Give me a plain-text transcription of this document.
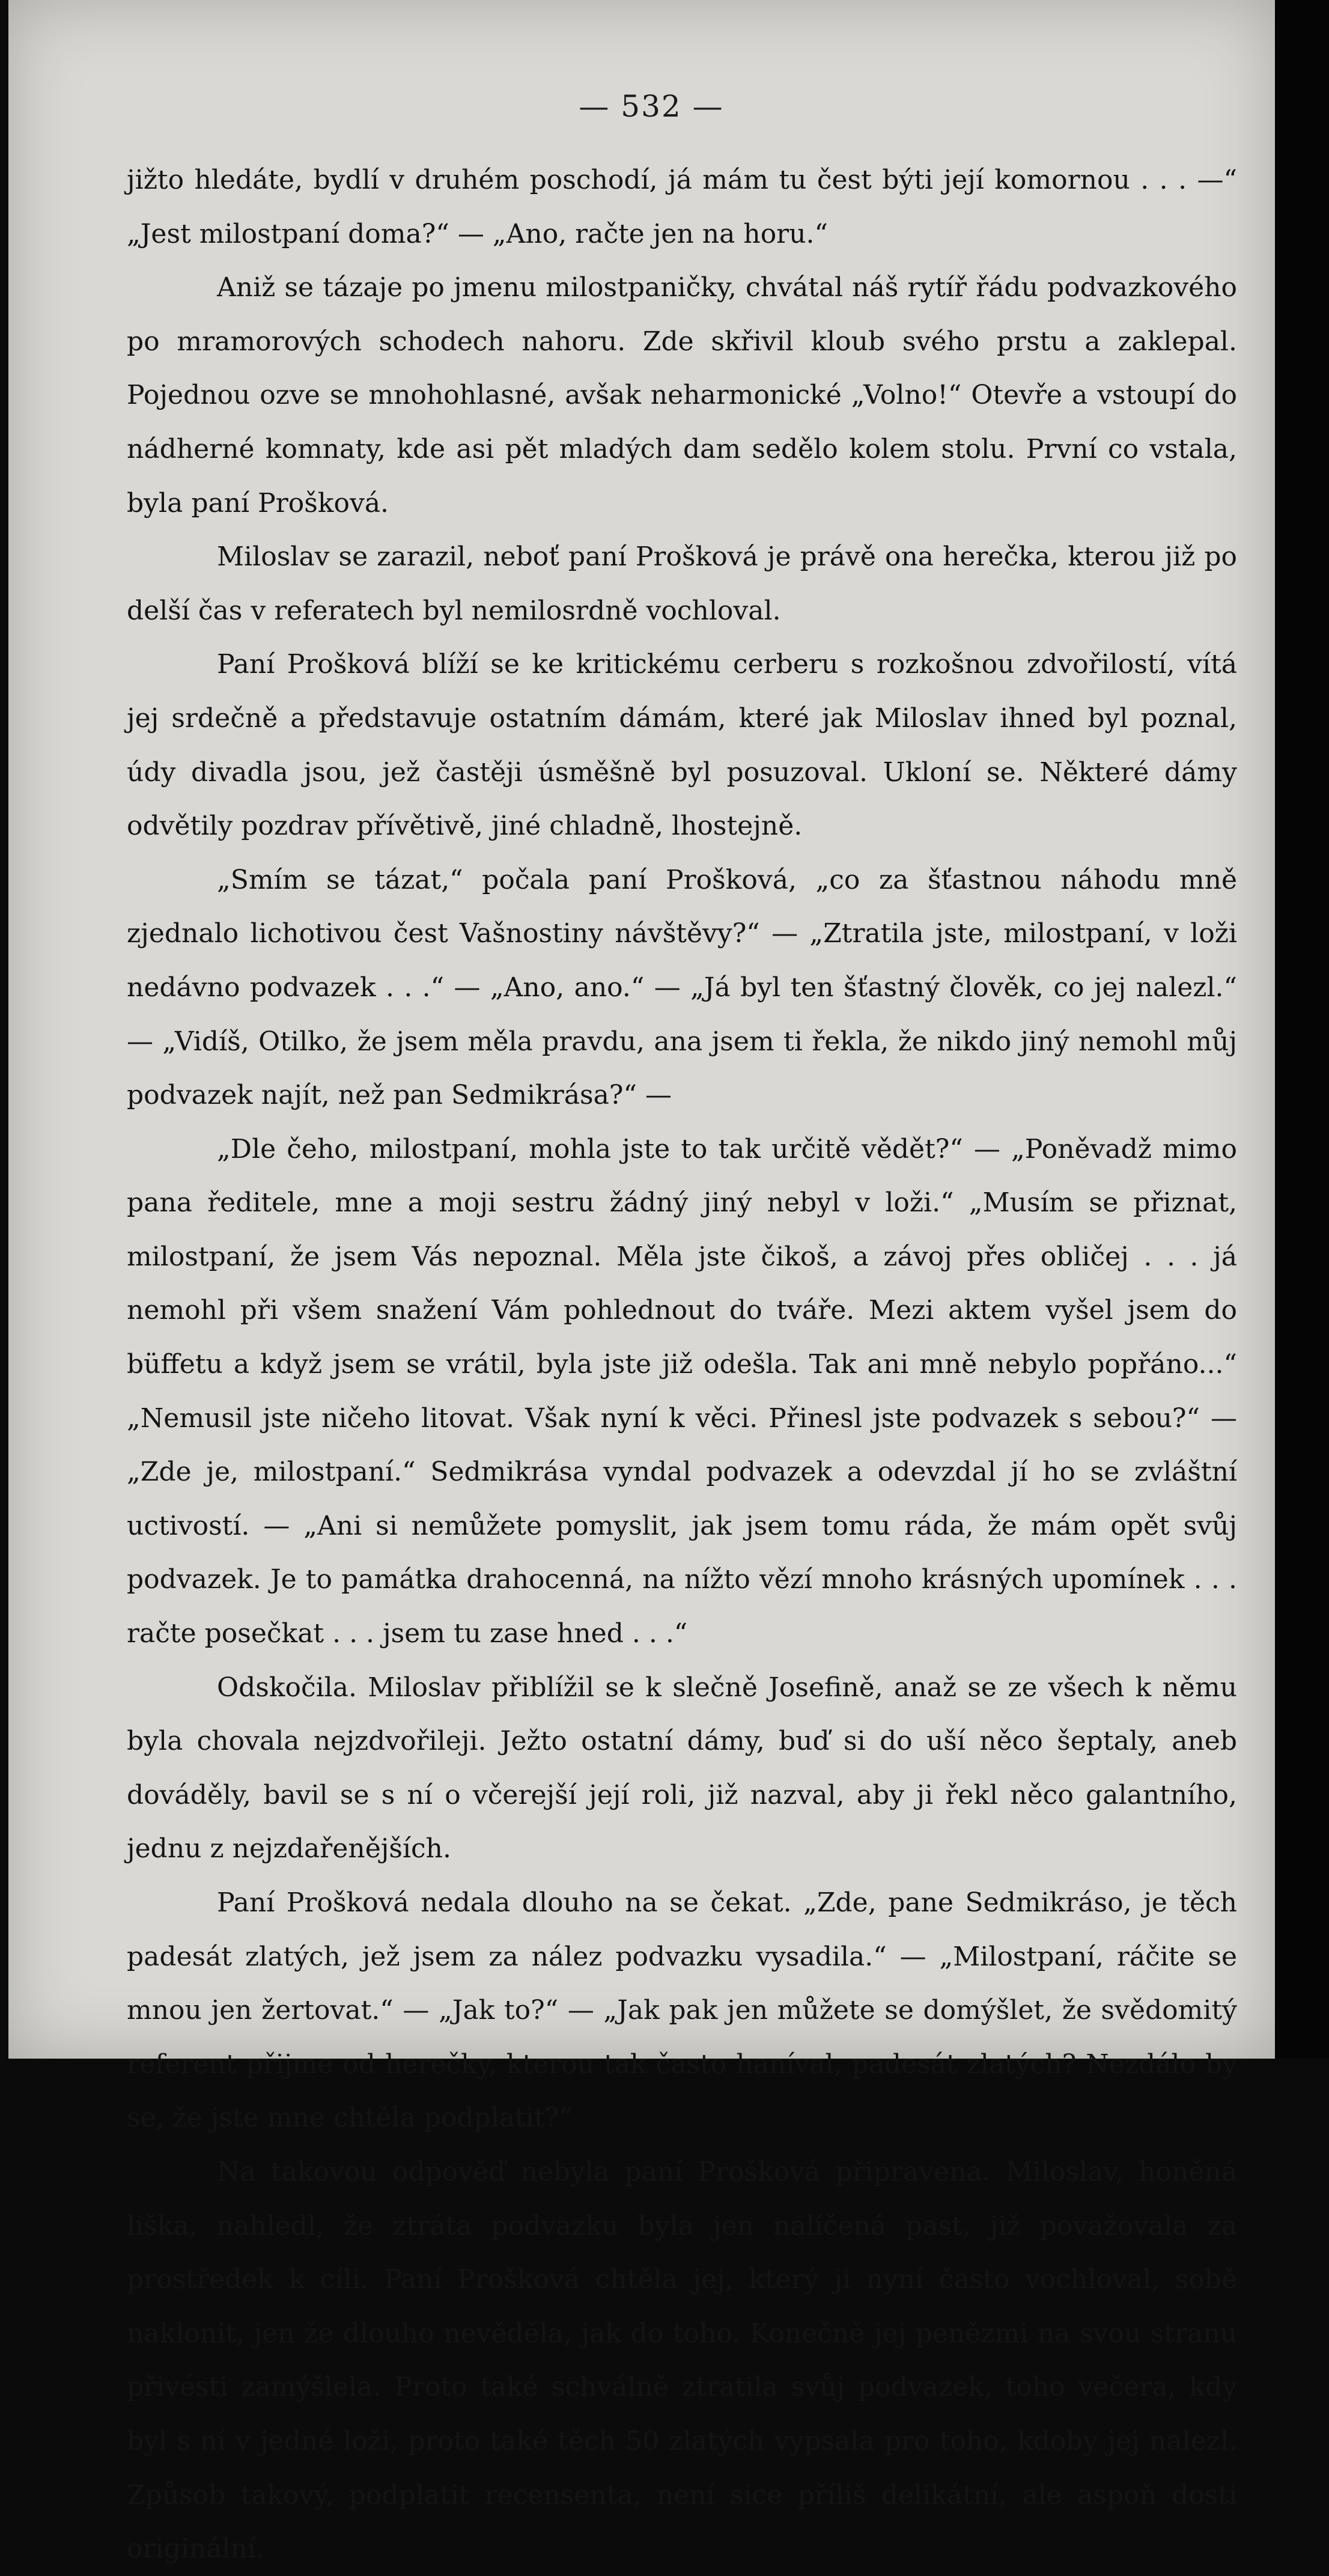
— 532 —

jižto hledáte, bydlí v druhém poschodí, já mám tu čest býti její komornou . . . —“ „Jest milostpaní doma?“ — „Ano, račte jen na horu.“

Aniž se tázaje po jmenu milostpaničky, chvátal náš rytíř řádu podvazkového po mramorových schodech nahoru. Zde skřivil kloub svého prstu a zaklepal. Pojednou ozve se mnohohlasné, avšak neharmonické „Volno!“ Otevře a vstoupí do nádherné komnaty, kde asi pět mladých dam sedělo kolem stolu. První co vstala, byla paní Prošková.

Miloslav se zarazil, neboť paní Prošková je právě ona herečka, kterou již po delší čas v referatech byl nemilosrdně vochloval.

Paní Prošková blíží se ke kritickému cerberu s rozkošnou zdvořilostí, vítá jej srdečně a představuje ostatním dámám, které jak Miloslav ihned byl poznal, údy divadla jsou, jež častěji úsměšně byl posuzoval. Ukloní se. Některé dámy odvětily pozdrav přívětivě, jiné chladně, lhostejně.

„Smím se tázat,“ počala paní Prošková, „co za šťastnou náhodu mně zjednalo lichotivou čest Vašnostiny návštěvy?“ — „Ztratila jste, milostpaní, v loži nedávno podvazek . . .“ — „Ano, ano.“ — „Já byl ten šťastný člověk, co jej nalezl.“ — „Vidíš, Otilko, že jsem měla pravdu, ana jsem ti řekla, že nikdo jiný nemohl můj podvazek najít, než pan Sedmikrása?“ —

„Dle čeho, milostpaní, mohla jste to tak určitě vědět?“ — „Poněvadž mimo pana ředitele, mne a moji sestru žádný jiný nebyl v loži.“ „Musím se přiznat, milostpaní, že jsem Vás nepoznal. Měla jste čikoš, a závoj přes obličej . . . já nemohl při všem snažení Vám pohlednout do tváře. Mezi aktem vyšel jsem do büffetu a když jsem se vrátil, byla jste již odešla. Tak ani mně nebylo popřáno...“ „Nemusil jste ničeho litovat. Však nyní k věci. Přinesl jste podvazek s sebou?“ — „Zde je, milostpaní.“ Sedmikrása vyndal podvazek a odevzdal jí ho se zvláštní uctivostí. — „Ani si nemůžete pomyslit, jak jsem tomu ráda, že mám opět svůj podvazek. Je to památka drahocenná, na nížto vězí mnoho krásných upomínek . . . račte posečkat . . . jsem tu zase hned . . .“

Odskočila. Miloslav přiblížil se k slečně Josefině, anaž se ze všech k němu byla chovala nejzdvořileji. Ježto ostatní dámy, buď si do uší něco šeptaly, aneb dováděly, bavil se s ní o včerejší její roli, již nazval, aby ji řekl něco galantního, jednu z nejzdařenějších.

Paní Prošková nedala dlouho na se čekat. „Zde, pane Sedmikráso, je těch padesát zlatých, jež jsem za nález podvazku vysadila.“ — „Milostpaní, ráčite se mnou jen žertovat.“ — „Jak to?“ — „Jak pak jen můžete se domýšlet, že svědomitý referent přijme od herečky, kterou tak často haníval, padesát zlatých? Nezdálo by se, že jste mne chtěla podplatit?“

Na takovou odpověď nebyla paní Prošková připravena. Miloslav, honěná liška, nahledl, že ztráta podvazku byla jen nalíčená past, již považovala za prostředek k cíli. Paní Prošková chtěla jej, který ji nyní často vochloval, sobě naklonit, jen že dlouho nevěděla, jak do toho. Konečně jej penězmi na svou stranu přivésti zamýšlela. Proto také schválně ztratila svůj podvazek, toho večera, kdy byl s ní v jedné loži, proto také těch 50 zlatých vypsala pro toho, kdoby jej nalezl. Způsob takový, podplatit recensenta, není sice příliš delikátní, ale aspoň dosti originální.
